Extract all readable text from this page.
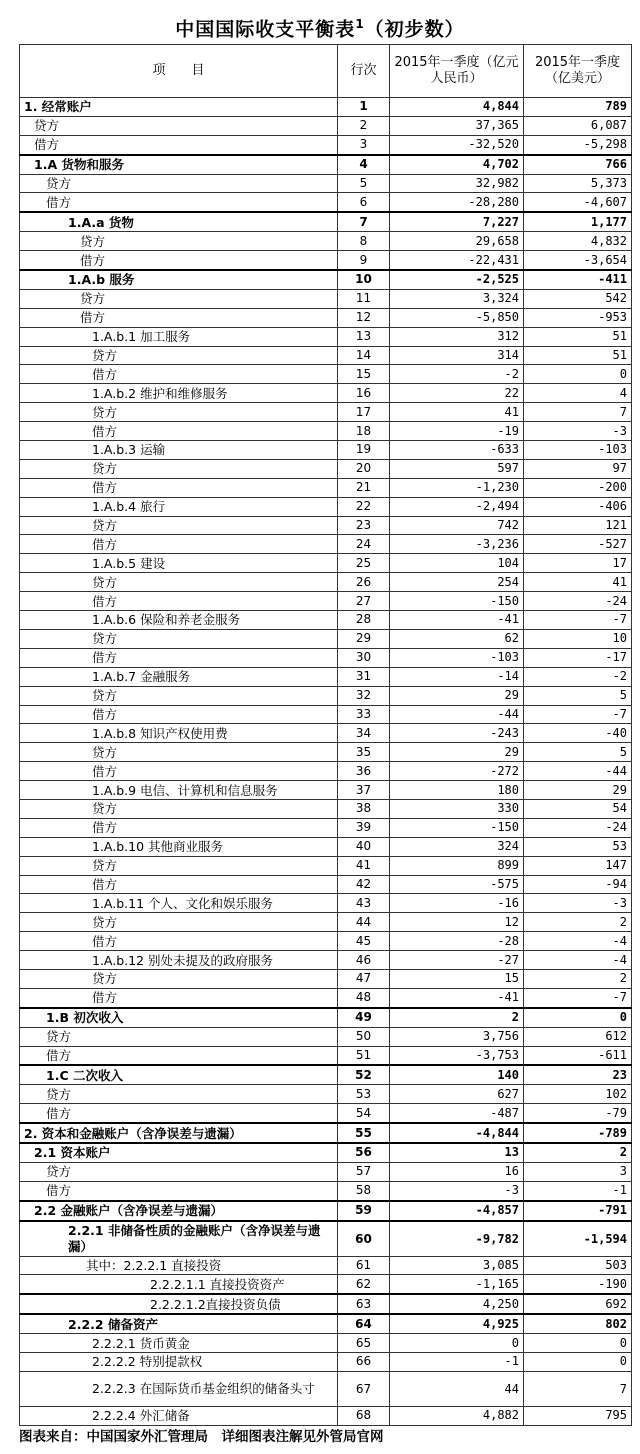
中国国际收支平衡表$^1$（初步数）
项　　目	行次	2015年一季度（亿元人民币）	2015年一季度（亿美元）

1. 经常账户	1	4,844	789

贷方	2	37,365	6,087

借方	3	-32,520	-5,298

1.A 货物和服务	4	4,702	766

贷方	5	32,982	5,373

借方	6	-28,280	-4,607

1.A.a 货物	7	7,227	1,177

贷方	8	29,658	4,832

借方	9	-22,431	-3,654

1.A.b 服务	10	-2,525	-411

贷方	11	3,324	542

借方	12	-5,850	-953

1.A.b.1 加工服务	13	312	51

贷方	14	314	51

借方	15	-2	0

1.A.b.2 维护和维修服务	16	22	4

贷方	17	41	7

借方	18	-19	-3

1.A.b.3 运输	19	-633	-103

贷方	20	597	97

借方	21	-1,230	-200

1.A.b.4 旅行	22	-2,494	-406

贷方	23	742	121

借方	24	-3,236	-527

1.A.b.5 建设	25	104	17

贷方	26	254	41

借方	27	-150	-24

1.A.b.6 保险和养老金服务	28	-41	-7

贷方	29	62	10

借方	30	-103	-17

1.A.b.7 金融服务	31	-14	-2

贷方	32	29	5

借方	33	-44	-7

1.A.b.8 知识产权使用费	34	-243	-40

贷方	35	29	5

借方	36	-272	-44

1.A.b.9 电信、计算机和信息服务	37	180	29

贷方	38	330	54

借方	39	-150	-24

1.A.b.10 其他商业服务	40	324	53

贷方	41	899	147

借方	42	-575	-94

1.A.b.11 个人、文化和娱乐服务	43	-16	-3

贷方	44	12	2

借方	45	-28	-4

1.A.b.12 别处未提及的政府服务	46	-27	-4

贷方	47	15	2

借方	48	-41	-7

1.B 初次收入	49	2	0

贷方	50	3,756	612

借方	51	-3,753	-611

1.C 二次收入	52	140	23

贷方	53	627	102

借方	54	-487	-79

2. 资本和金融账户（含净误差与遗漏）	55	-4,844	-789

2.1 资本账户	56	13	2

贷方	57	16	3

借方	58	-3	-1

2.2 金融账户（含净误差与遗漏）	59	-4,857	-791

2.2.1 非储备性质的金融账户（含净误差与遗漏）	60	-9,782	-1,594

其中：2.2.2.1 直接投资	61	3,085	503

2.2.2.1.1 直接投资资产	62	-1,165	-190

2.2.2.1.2直接投资负债	63	4,250	692

2.2.2 储备资产	64	4,925	802

2.2.2.1 货币黄金	65	0	0

2.2.2.2 特别提款权	66	-1	0

2.2.2.3 在国际货币基金组织的储备头寸	67	44	7

2.2.2.4 外汇储备	68	4,882	795
图表来自：中国国家外汇管理局　详细图表注解见外管局官网
